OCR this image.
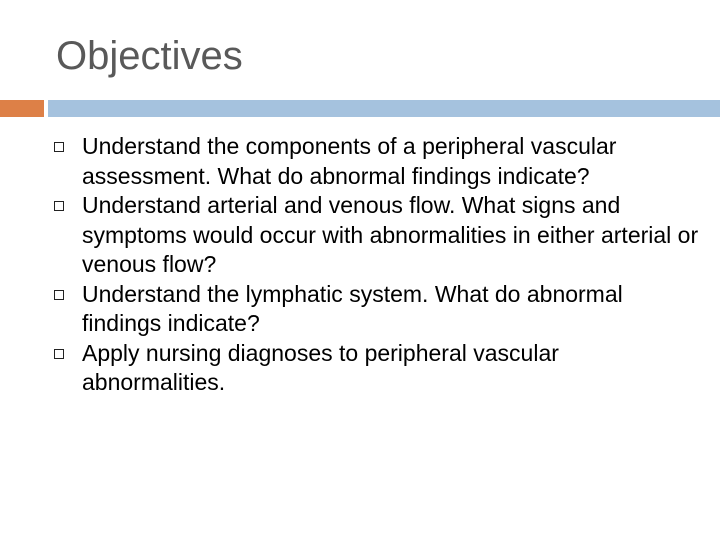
Objectives
Understand the components of a peripheral vascular assessment. What do abnormal findings indicate?
Understand arterial and venous flow. What signs and symptoms would occur with abnormalities in either arterial or venous flow?
Understand the lymphatic system. What do abnormal findings indicate?
Apply nursing diagnoses to peripheral vascular abnormalities.
